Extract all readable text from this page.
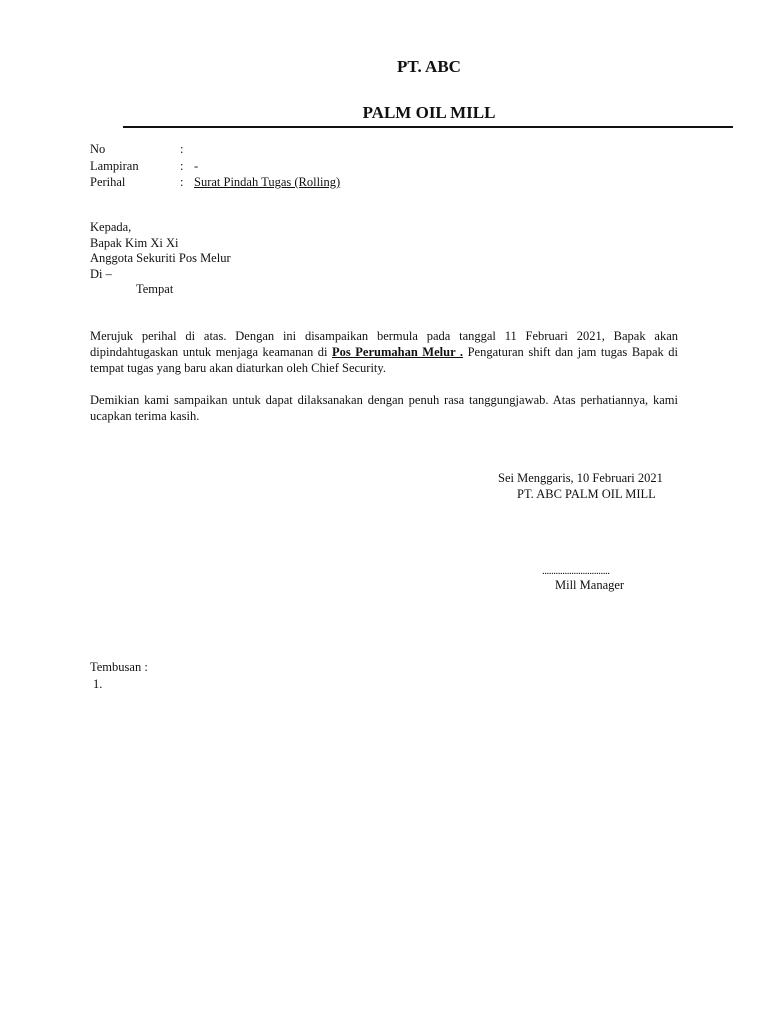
PT. ABC
PALM OIL MILL
No	:
Lampiran	: -
Perihal	: Surat Pindah Tugas (Rolling)
Kepada,
Bapak Kim Xi Xi
Anggota Sekuriti Pos Melur
Di –
Tempat
Merujuk perihal di atas. Dengan ini disampaikan bermula pada tanggal 11 Februari 2021, Bapak akan dipindahtugaskan untuk menjaga keamanan di Pos Perumahan Melur . Pengaturan shift dan jam tugas Bapak di tempat tugas yang baru akan diaturkan oleh Chief Security.
Demikian kami sampaikan untuk dapat dilaksanakan dengan penuh rasa tanggungjawab. Atas perhatiannya, kami ucapkan terima kasih.
Sei Menggaris, 10 Februari 2021
PT. ABC PALM OIL MILL
..............................
Mill Manager
Tembusan :
1.
